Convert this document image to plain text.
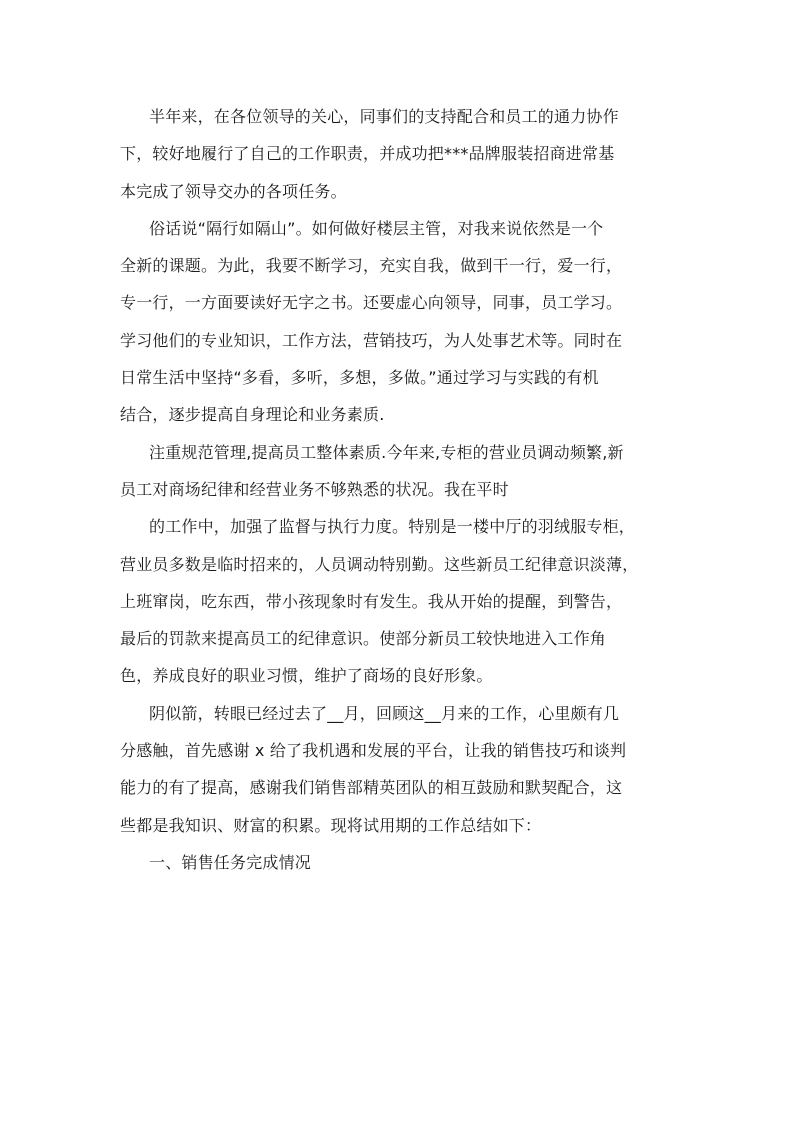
半年来，在各位领导的关心，同事们的支持配合和员工的通力协作
下，较好地履行了自己的工作职责，并成功把***品牌服装招商进常基
本完成了领导交办的各项任务。
俗话说“隔行如隔山”。如何做好楼层主管，对我来说依然是一个
全新的课题。为此，我要不断学习，充实自我，做到干一行，爱一行，
专一行，一方面要读好无字之书。还要虚心向领导，同事，员工学习。
学习他们的专业知识，工作方法，营销技巧，为人处事艺术等。同时在
日常生活中坚持“多看，多听，多想，多做。”通过学习与实践的有机
结合，逐步提高自身理论和业务素质.
注重规范管理,提高员工整体素质.今年来,专柜的营业员调动频繁,新
员工对商场纪律和经营业务不够熟悉的状况。我在平时
的工作中，加强了监督与执行力度。特别是一楼中厅的羽绒服专柜，
营业员多数是临时招来的，人员调动特别勤。这些新员工纪律意识淡薄，
上班窜岗，吃东西，带小孩现象时有发生。我从开始的提醒，到警告，
最后的罚款来提高员工的纪律意识。使部分新员工较快地进入工作角
色，养成良好的职业习惯，维护了商场的良好形象。
阴似箭，转眼已经过去了__月，回顾这__月来的工作，心里颇有几
分感触，首先感谢 x 给了我机遇和发展的平台，让我的销售技巧和谈判
能力的有了提高，感谢我们销售部精英团队的相互鼓励和默契配合，这
些都是我知识、财富的积累。现将试用期的工作总结如下：
一、销售任务完成情况
